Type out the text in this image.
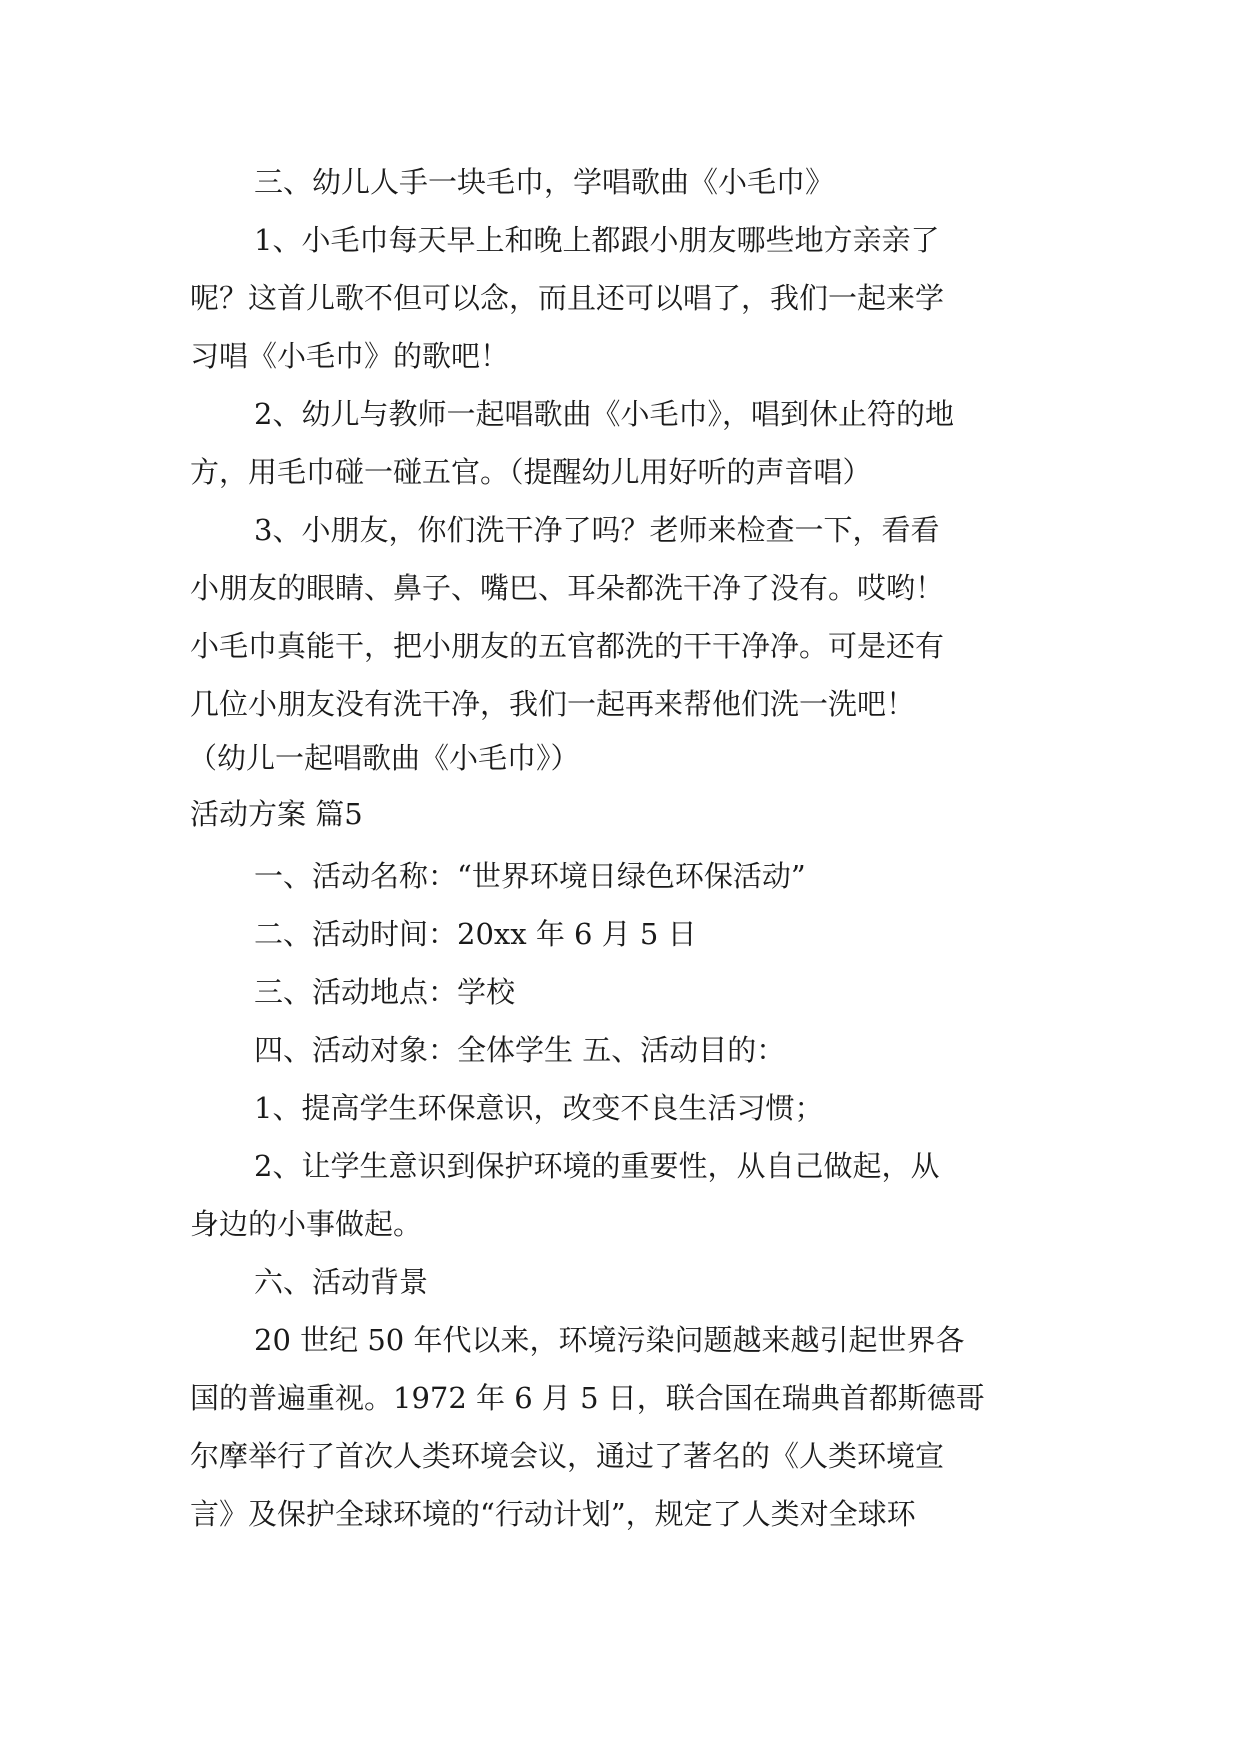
三、幼儿人手一块毛巾，学唱歌曲《小毛巾》
1、小毛巾每天早上和晚上都跟小朋友哪些地方亲亲了
呢？这首儿歌不但可以念，而且还可以唱了，我们一起来学
习唱《小毛巾》的歌吧！
2、幼儿与教师一起唱歌曲《小毛巾》，唱到休止符的地
方，用毛巾碰一碰五官。（提醒幼儿用好听的声音唱）
3、小朋友，你们洗干净了吗？老师来检查一下，看看
小朋友的眼睛、鼻子、嘴巴、耳朵都洗干净了没有。哎哟！
小毛巾真能干，把小朋友的五官都洗的干干净净。可是还有
几位小朋友没有洗干净，我们一起再来帮他们洗一洗吧！
（幼儿一起唱歌曲《小毛巾》）
活动方案 篇5
一、活动名称：“世界环境日绿色环保活动”
二、活动时间：20xx 年 6 月 5 日
三、活动地点：学校
四、活动对象：全体学生 五、活动目的：
1、提高学生环保意识，改变不良生活习惯；
2、让学生意识到保护环境的重要性，从自己做起，从
身边的小事做起。
六、活动背景
20 世纪 50 年代以来，环境污染问题越来越引起世界各
国的普遍重视。1972 年 6 月 5 日，联合国在瑞典首都斯德哥
尔摩举行了首次人类环境会议，通过了著名的《人类环境宣
言》及保护全球环境的“行动计划”，规定了人类对全球环
